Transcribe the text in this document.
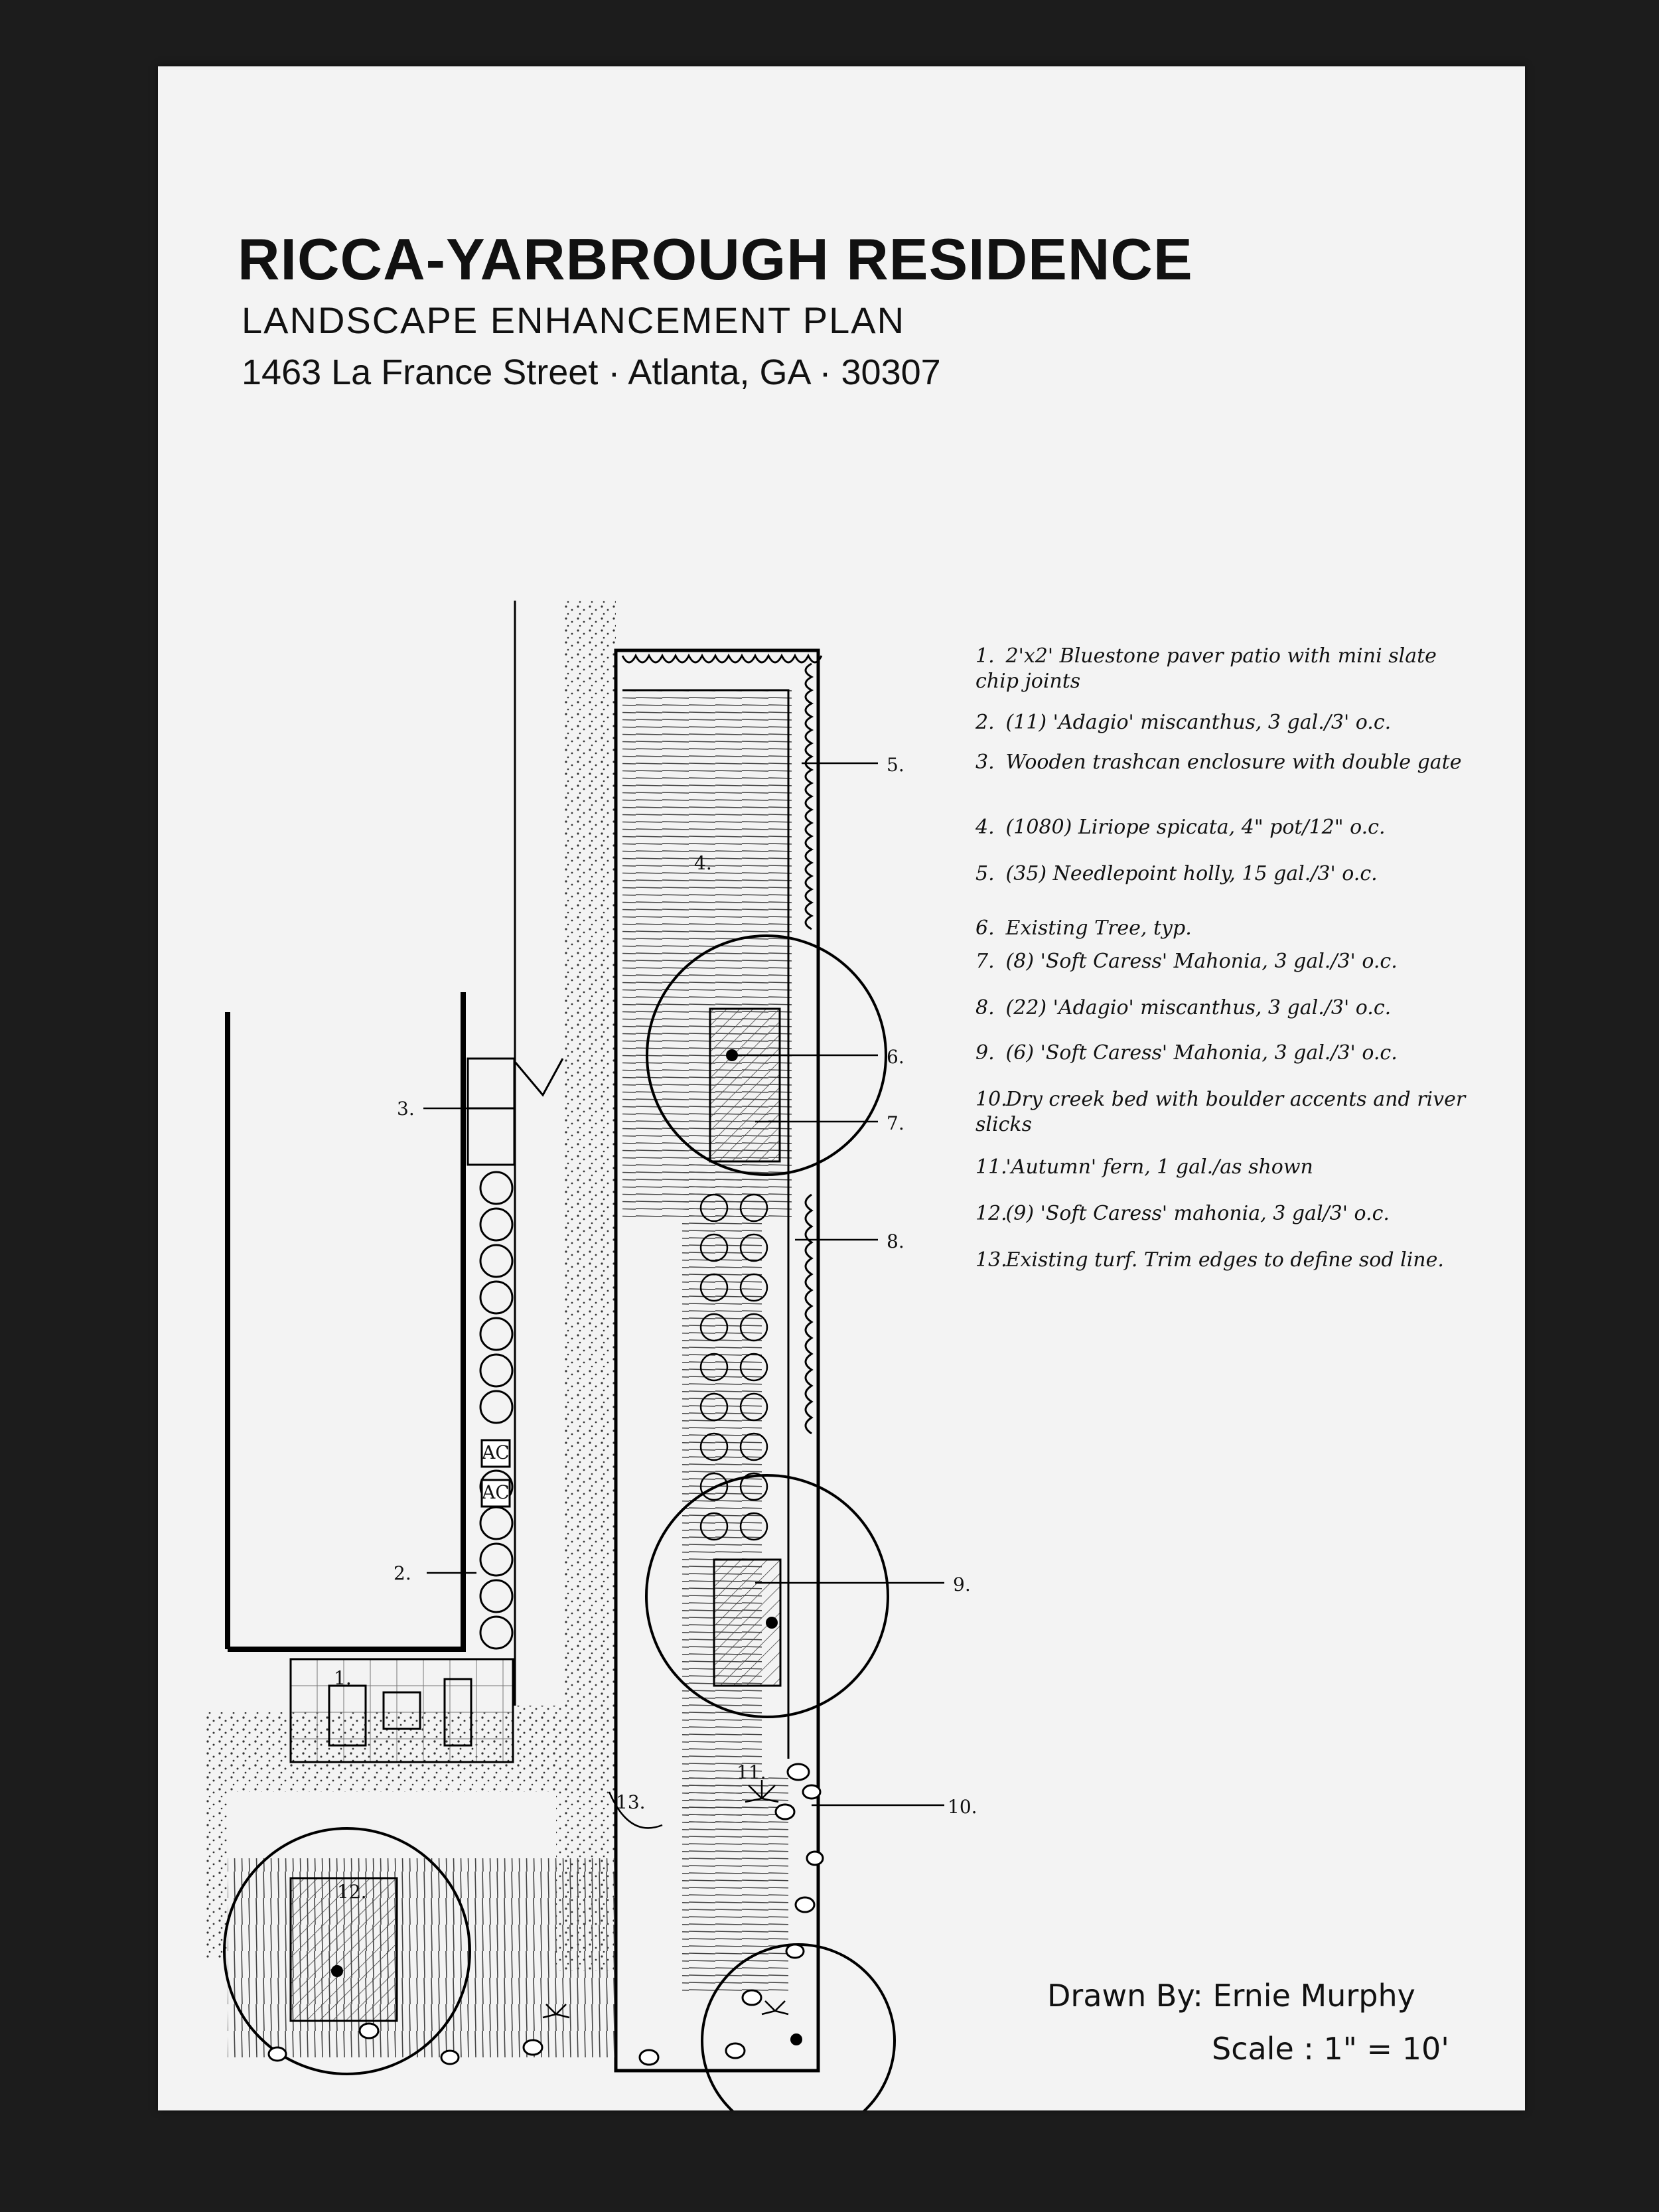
RICCA-YARBROUGH RESIDENCE
LANDSCAPE ENHANCEMENT PLAN
1463 La France Street · Atlanta, GA · 30307
AC
AC
1.
2.
3.
4.
5.
6.
7.
8.
9.
10.
11.
12.
13.
1. 2'x2' Bluestone paver patio with mini slate chip joints
2. (11) 'Adagio' miscanthus, 3 gal./3' o.c.
3. Wooden trashcan enclosure with double gate
4. (1080) Liriope spicata, 4" pot/12" o.c.
5. (35) Needlepoint holly, 15 gal./3' o.c.
6. Existing Tree, typ.
7. (8) 'Soft Caress' Mahonia, 3 gal./3' o.c.
8. (22) 'Adagio' miscanthus, 3 gal./3' o.c.
9. (6) 'Soft Caress' Mahonia, 3 gal./3' o.c.
10. Dry creek bed with boulder accents and river slicks
11. 'Autumn' fern, 1 gal./as shown
12. (9) 'Soft Caress' mahonia, 3 gal/3' o.c.
13. Existing turf. Trim edges to define sod line.
Drawn By: Ernie Murphy
Scale : 1" = 10'
